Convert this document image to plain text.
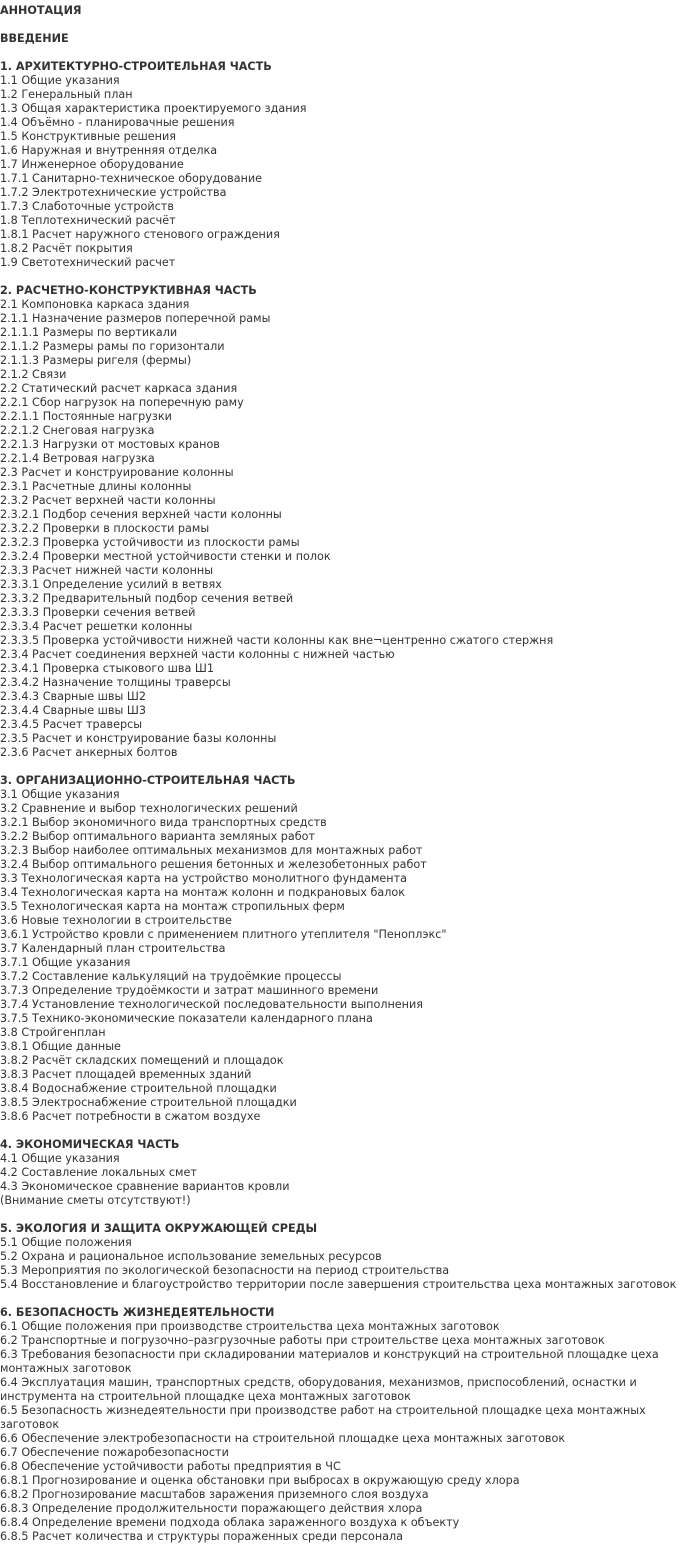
АННОТАЦИЯ
ВВЕДЕНИЕ
1. АРХИТЕКТУРНО-СТРОИТЕЛЬНАЯ ЧАСТЬ
1.1 Общие указания
1.2 Генеральный план
1.3 Общая характеристика проектируемого здания
1.4 Объёмно - планировачные решения
1.5 Конструктивные решения
1.6 Наружная и внутренняя отделка
1.7 Инженерное оборудование
1.7.1 Санитарно-техническое оборудование
1.7.2 Электротехнические устройства
1.7.3 Слаботочные устройств
1.8 Теплотехнический расчёт
1.8.1 Расчет наружного стенового ограждения
1.8.2 Расчёт покрытия
1.9 Светотехнический расчет
2. РАСЧЕТНО-КОНСТРУКТИВНАЯ ЧАСТЬ
2.1 Компоновка каркаса здания
2.1.1 Назначение размеров поперечной рамы
2.1.1.1 Размеры по вертикали
2.1.1.2 Размеры рамы по горизонтали
2.1.1.3 Размеры ригеля (фермы)
2.1.2 Связи
2.2 Статический расчет каркаса здания
2.2.1 Сбор нагрузок на поперечную раму
2.2.1.1 Постоянные нагрузки
2.2.1.2 Снеговая нагрузка
2.2.1.3 Нагрузки от мостовых кранов
2.2.1.4 Ветровая нагрузка
2.3 Расчет и конструирование колонны
2.3.1 Расчетные длины колонны
2.3.2 Расчет верхней части колонны
2.3.2.1 Подбор сечения верхней части колонны
2.3.2.2 Проверки в плоскости рамы
2.3.2.3 Проверка устойчивости из плоскости рамы
2.3.2.4 Проверки местной устойчивости стенки и полок
2.3.3 Расчет нижней части колонны
2.3.3.1 Определение усилий в ветвях
2.3.3.2 Предварительный подбор сечения ветвей
2.3.3.3 Проверки сечения ветвей
2.3.3.4 Расчет решетки колонны
2.3.3.5 Проверка устойчивости нижней части колонны как вне¬центренно сжатого стержня
2.3.4 Расчет соединения верхней части колонны с нижней частью
2.3.4.1 Проверка стыкового шва Ш1
2.3.4.2 Назначение толщины траверсы
2.3.4.3 Сварные швы Ш2
2.3.4.4 Сварные швы Ш3
2.3.4.5 Расчет траверсы
2.3.5 Расчет и конструирование базы колонны
2.3.6 Расчет анкерных болтов
3. ОРГАНИЗАЦИОННО-СТРОИТЕЛЬНАЯ ЧАСТЬ
3.1 Общие указания
3.2 Сравнение и выбор технологических решений
3.2.1 Выбор экономичного вида транспортных средств
3.2.2 Выбор оптимального варианта земляных работ
3.2.3 Выбор наиболее оптимальных механизмов для монтажных работ
3.2.4 Выбор оптимального решения бетонных и железобетонных работ
3.3 Технологическая карта на устройство монолитного фундамента
3.4 Технологическая карта на монтаж колонн и подкрановых балок
3.5 Технологическая карта на монтаж стропильных ферм
3.6 Новые технологии в строительстве
3.6.1 Устройство кровли с применением плитного утеплителя "Пеноплэкс"
3.7 Календарный план строительства
3.7.1 Общие указания
3.7.2 Составление калькуляций на трудоёмкие процессы
3.7.3 Определение трудоёмкости и затрат машинного времени
3.7.4 Установление технологической последовательности выполнения
3.7.5 Технико-экономические показатели календарного плана
3.8 Стройгенплан
3.8.1 Общие данные
3.8.2 Расчёт складских помещений и площадок
3.8.3 Расчет площадей временных зданий
3.8.4 Водоснабжение строительной площадки
3.8.5 Электроснабжение строительной площадки
3.8.6 Расчет потребности в сжатом воздухе
4. ЭКОНОМИЧЕСКАЯ ЧАСТЬ
4.1 Общие указания
4.2 Составление локальных смет
4.3 Экономическое сравнение вариантов кровли
(Внимание сметы отсутствуют!)
5. ЭКОЛОГИЯ И ЗАЩИТА ОКРУЖАЮЩЕЙ СРЕДЫ
5.1 Общие положения
5.2 Охрана и рациональное использование земельных ресурсов
5.3 Мероприятия по экологической безопасности на период строительства
5.4 Восстановление и благоустройство территории после завершения строительства цеха монтажных заготовок
6. БЕЗОПАСНОСТЬ ЖИЗНЕДЕЯТЕЛЬНОСТИ
6.1 Общие положения при производстве строительства цеха монтажных заготовок
6.2 Транспортные и погрузочно–разгрузочные работы при строительстве цеха монтажных заготовок
6.3 Требования безопасности при складировании материалов и конструкций на строительной площадке цеха монтажных заготовок
6.4 Эксплуатация машин, транспортных средств, оборудования, механизмов, приспособлений, оснастки и инструмента на строительной площадке цеха монтажных заготовок
6.5 Безопасность жизнедеятельности при производстве работ на строительной площадке цеха монтажных заготовок
6.6 Обеспечение электробезопасности на строительной площадке цеха монтажных заготовок
6.7 Обеспечение пожаробезопасности
6.8 Обеспечение устойчивости работы предприятия в ЧС
6.8.1 Прогнозирование и оценка обстановки при выбросах в окружающую среду хлора
6.8.2 Прогнозирование масштабов заражения приземного слоя воздуха
6.8.3 Определение продолжительности поражающего действия хлора
6.8.4 Определение времени подхода облака зараженного воздуха к объекту
6.8.5 Расчет количества и структуры пораженных среди персонала
